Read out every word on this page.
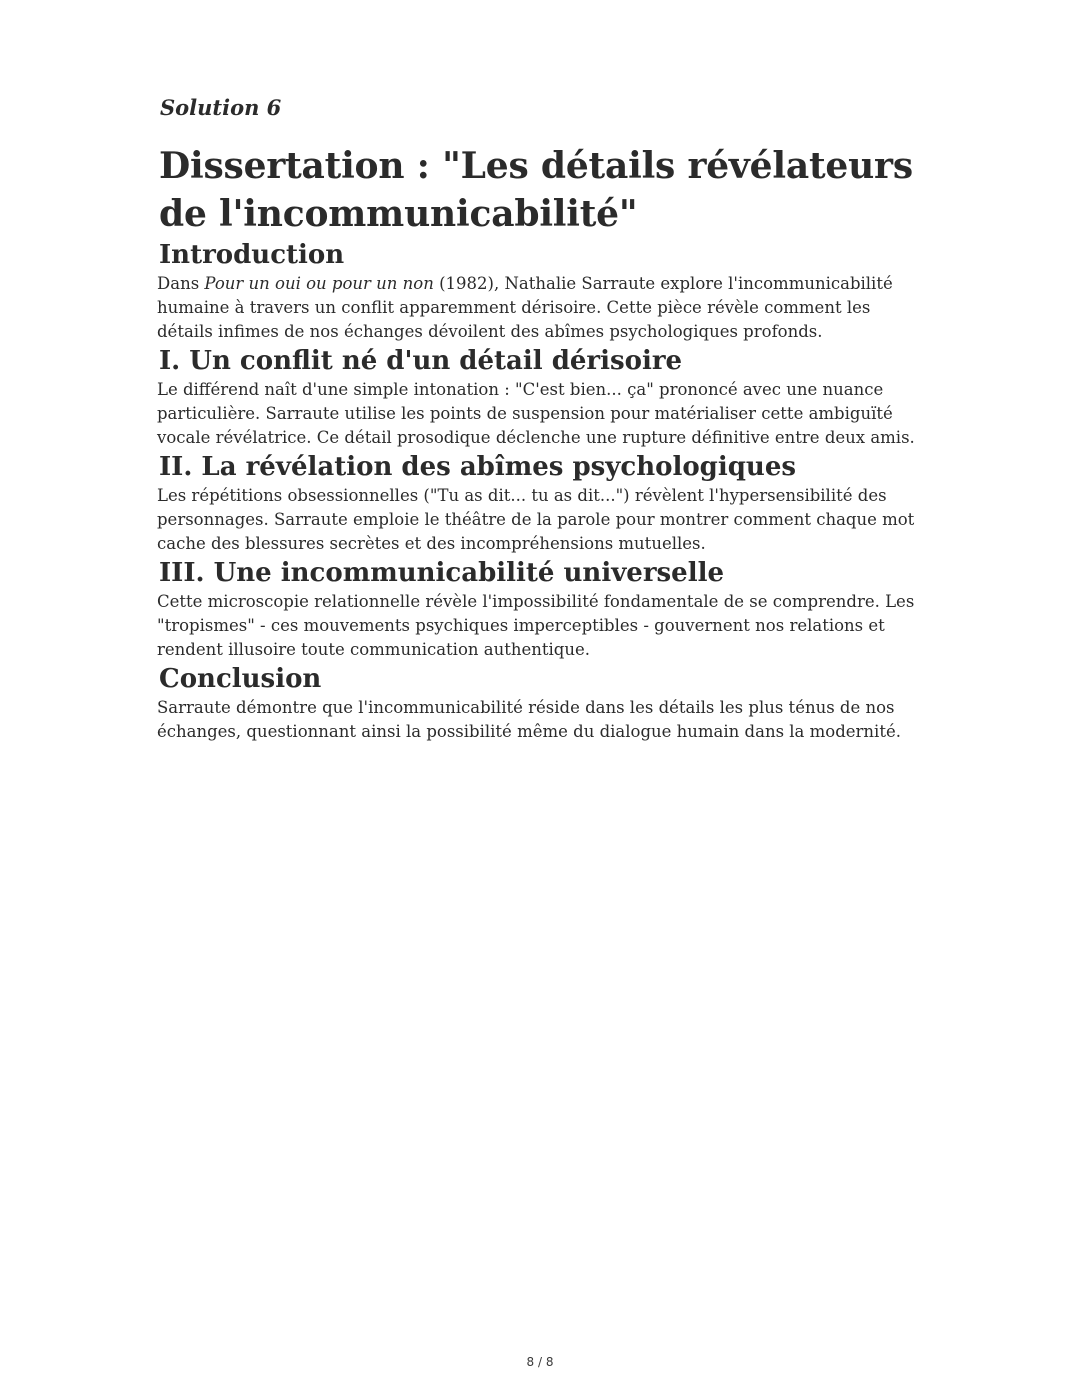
Solution 6
Dissertation : "Les détails révélateurs de l'incommunicabilité"
Introduction

Dans Pour un oui ou pour un non (1982), Nathalie Sarraute explore l'incommunicabilité humaine à travers un conflit apparemment dérisoire. Cette pièce révèle comment les détails infimes de nos échanges dévoilent des abîmes psychologiques profonds.

I. Un conflit né d'un détail dérisoire

Le différend naît d'une simple intonation : "C'est bien... ça" prononcé avec une nuance particulière. Sarraute utilise les points de suspension pour matérialiser cette ambiguïté vocale révélatrice. Ce détail prosodique déclenche une rupture définitive entre deux amis.

II. La révélation des abîmes psychologiques

Les répétitions obsessionnelles ("Tu as dit... tu as dit...") révèlent l'hypersensibilité des personnages. Sarraute emploie le théâtre de la parole pour montrer comment chaque mot cache des blessures secrètes et des incompréhensions mutuelles.

III. Une incommunicabilité universelle

Cette microscopie relationnelle révèle l'impossibilité fondamentale de se comprendre. Les "tropismes" - ces mouvements psychiques imperceptibles - gouvernent nos relations et rendent illusoire toute communication authentique.

Conclusion

Sarraute démontre que l'incommunicabilité réside dans les détails les plus ténus de nos échanges, questionnant ainsi la possibilité même du dialogue humain dans la modernité.

8 / 8
